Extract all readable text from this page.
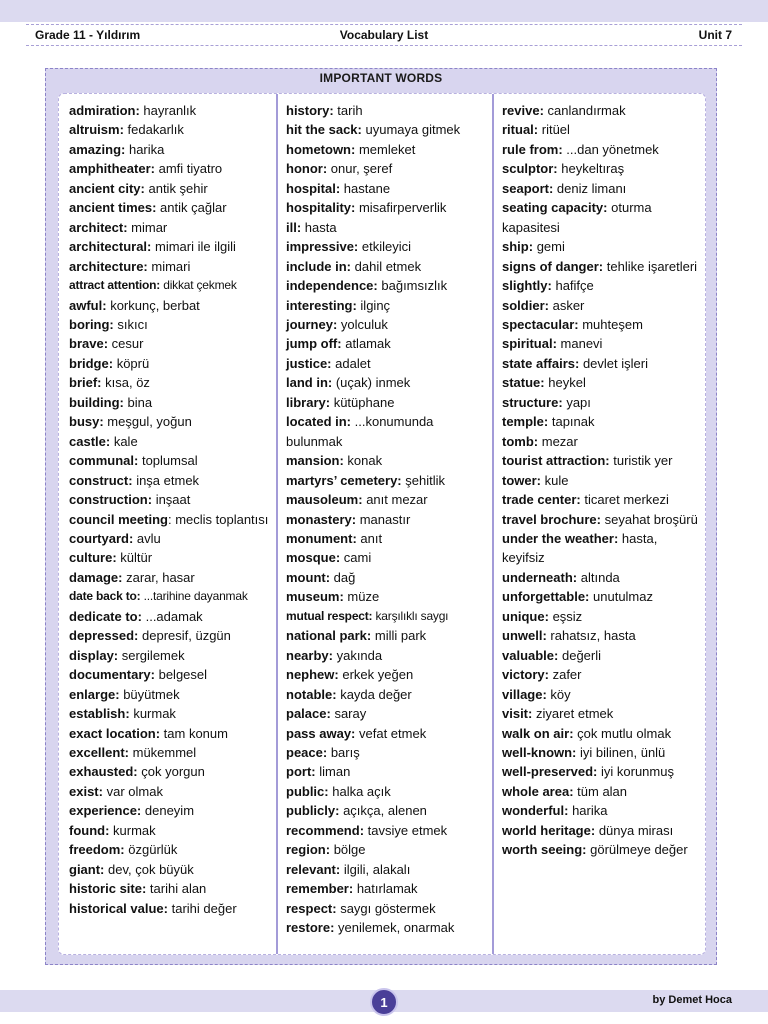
Grade 11 - Yıldırım	Vocabulary List	Unit 7
IMPORTANT WORDS
admiration: hayranlık
altruism: fedakarlık
amazing: harika
amphitheater: amfi tiyatro
ancient city: antik şehir
ancient times: antik çağlar
architect: mimar
architectural: mimari ile ilgili
architecture: mimari
attract attention: dikkat çekmek
awful: korkunç, berbat
boring: sıkıcı
brave: cesur
bridge: köprü
brief: kısa, öz
building: bina
busy: meşgul, yoğun
castle: kale
communal: toplumsal
construct: inşa etmek
construction: inşaat
council meeting: meclis toplantısı
courtyard: avlu
culture: kültür
damage: zarar, hasar
date back to: ...tarihine dayanmak
dedicate to: ...adamak
depressed: depresif, üzgün
display: sergilemek
documentary: belgesel
enlarge: büyütmek
establish: kurmak
exact location: tam konum
excellent: mükemmel
exhausted: çok yorgun
exist: var olmak
experience: deneyim
found: kurmak
freedom: özgürlük
giant: dev, çok büyük
historic site: tarihi alan
historical value: tarihi değer
history: tarih
hit the sack: uyumaya gitmek
hometown: memleket
honor: onur, şeref
hospital: hastane
hospitality: misafirperverlik
ill: hasta
impressive: etkileyici
include in: dahil etmek
independence: bağımsızlık
interesting: ilginç
journey: yolculuk
jump off: atlamak
justice: adalet
land in: (uçak) inmek
library: kütüphane
located in: ...konumunda bulunmak
mansion: konak
martyrs’ cemetery: şehitlik
mausoleum: anıt mezar
monastery: manastır
monument: anıt
mosque: cami
mount: dağ
museum: müze
mutual respect: karşılıklı saygı
national park: milli park
nearby: yakında
nephew: erkek yeğen
notable: kayda değer
palace: saray
pass away: vefat etmek
peace: barış
port: liman
public: halka açık
publicly: açıkça, alenen
recommend: tavsiye etmek
region: bölge
relevant: ilgili, alakalı
remember: hatırlamak
respect: saygı göstermek
restore: yenilemek, onarmak
revive: canlandırmak
ritual: ritüel
rule from: ...dan yönetmek
sculptor: heykeltıraş
seaport: deniz limanı
seating capacity: oturma kapasitesi
ship: gemi
signs of danger: tehlike işaretleri
slightly: hafifçe
soldier: asker
spectacular: muhteşem
spiritual: manevi
state affairs: devlet işleri
statue: heykel
structure: yapı
temple: tapınak
tomb: mezar
tourist attraction: turistik yer
tower: kule
trade center: ticaret merkezi
travel brochure: seyahat broşürü
under the weather: hasta, keyifsiz
underneath: altında
unforgettable: unutulmaz
unique: eşsiz
unwell: rahatsız, hasta
valuable: değerli
victory: zafer
village: köy
visit: ziyaret etmek
walk on air: çok mutlu olmak
well-known: iyi bilinen, ünlü
well-preserved: iyi korunmuş
whole area: tüm alan
wonderful: harika
world heritage: dünya mirası
worth seeing: görülmeye değer
1	by Demet Hoca
